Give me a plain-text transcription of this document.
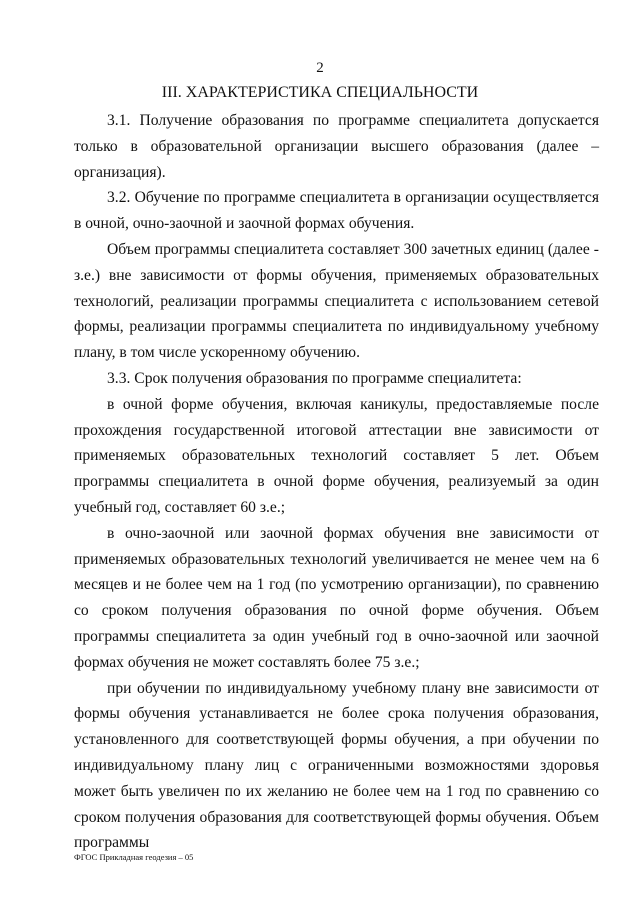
2
III. ХАРАКТЕРИСТИКА СПЕЦИАЛЬНОСТИ

3.1. Получение образования по программе специалитета допускается только в образовательной организации высшего образования (далее – организация).

3.2. Обучение по программе специалитета в организации осуществляется в очной, очно-заочной и заочной формах обучения.

Объем программы специалитета составляет 300 зачетных единиц (далее - з.е.) вне зависимости от формы обучения, применяемых образовательных технологий, реализации программы специалитета с использованием сетевой формы, реализации программы специалитета по индивидуальному учебному плану, в том числе ускоренному обучению.

3.3. Срок получения образования по программе специалитета:

в очной форме обучения, включая каникулы, предоставляемые после прохождения государственной итоговой аттестации вне зависимости от применяемых образовательных технологий составляет 5 лет. Объем программы специалитета в очной форме обучения, реализуемый за один учебный год, составляет 60 з.е.;

в очно-заочной или заочной формах обучения вне зависимости от применяемых образовательных технологий увеличивается не менее чем на 6 месяцев и не более чем на 1 год (по усмотрению организации), по сравнению со сроком получения образования по очной форме обучения. Объем программы специалитета за один учебный год в очно-заочной или заочной формах обучения не может составлять более 75 з.е.;

при обучении по индивидуальному учебному плану вне зависимости от формы обучения устанавливается не более срока получения образования, установленного для соответствующей формы обучения, а при обучении по индивидуальному плану лиц с ограниченными возможностями здоровья может быть увеличен по их желанию не более чем на 1 год по сравнению со сроком получения образования для соответствующей формы обучения. Объем программы

ФГОС Прикладная геодезия – 05
